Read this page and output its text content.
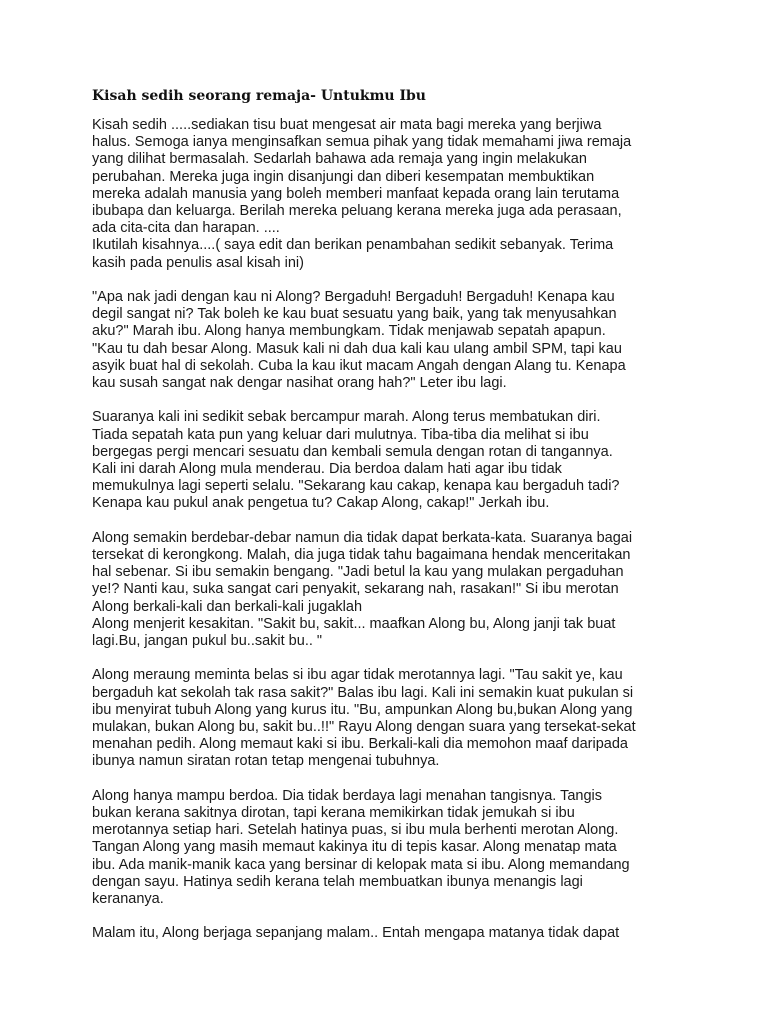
Kisah sedih seorang remaja- Untukmu Ibu

Kisah sedih .....sediakan tisu buat mengesat air mata bagi mereka yang berjiwa
halus. Semoga ianya menginsafkan semua pihak yang tidak memahami jiwa remaja
yang dilihat bermasalah. Sedarlah bahawa ada remaja yang ingin melakukan
perubahan. Mereka juga ingin disanjungi dan diberi kesempatan membuktikan
mereka adalah manusia yang boleh memberi manfaat kepada orang lain terutama
ibubapa dan keluarga. Berilah mereka peluang kerana mereka juga ada perasaan,
ada cita-cita dan harapan. ....
Ikutilah kisahnya....( saya edit dan berikan penambahan sedikit sebanyak. Terima
kasih pada penulis asal kisah ini)

"Apa nak jadi dengan kau ni Along? Bergaduh! Bergaduh! Bergaduh! Kenapa kau
degil sangat ni? Tak boleh ke kau buat sesuatu yang baik, yang tak menyusahkan
aku?" Marah ibu. Along hanya membungkam. Tidak menjawab sepatah apapun.
"Kau tu dah besar Along. Masuk kali ni dah dua kali kau ulang ambil SPM, tapi kau
asyik buat hal di sekolah. Cuba la kau ikut macam Angah dengan Alang tu. Kenapa
kau susah sangat nak dengar nasihat orang hah?" Leter ibu lagi.

Suaranya kali ini sedikit sebak bercampur marah. Along terus membatukan diri.
Tiada sepatah kata pun yang keluar dari mulutnya. Tiba-tiba dia melihat si ibu
bergegas pergi mencari sesuatu dan kembali semula dengan rotan di tangannya.
Kali ini darah Along mula menderau. Dia berdoa dalam hati agar ibu tidak
memukulnya lagi seperti selalu. "Sekarang kau cakap, kenapa kau bergaduh tadi?
Kenapa kau pukul anak pengetua tu? Cakap Along, cakap!" Jerkah ibu.

Along semakin berdebar-debar namun dia tidak dapat berkata-kata. Suaranya bagai
tersekat di kerongkong. Malah, dia juga tidak tahu bagaimana hendak menceritakan
hal sebenar. Si ibu semakin bengang. "Jadi betul la kau yang mulakan pergaduhan
ye!? Nanti kau, suka sangat cari penyakit, sekarang nah, rasakan!" Si ibu merotan
Along berkali-kali dan berkali-kali jugaklah
Along menjerit kesakitan. "Sakit bu, sakit... maafkan Along bu, Along janji tak buat
lagi.Bu, jangan pukul bu..sakit bu.. "

Along meraung meminta belas si ibu agar tidak merotannya lagi. "Tau sakit ye, kau
bergaduh kat sekolah tak rasa sakit?" Balas ibu lagi. Kali ini semakin kuat pukulan si
ibu menyirat tubuh Along yang kurus itu. "Bu, ampunkan Along bu,bukan Along yang
mulakan, bukan Along bu, sakit bu..!!" Rayu Along dengan suara yang tersekat-sekat
menahan pedih. Along memaut kaki si ibu. Berkali-kali dia memohon maaf daripada
ibunya namun siratan rotan tetap mengenai tubuhnya.

Along hanya mampu berdoa. Dia tidak berdaya lagi menahan tangisnya. Tangis
bukan kerana sakitnya dirotan, tapi kerana memikirkan tidak jemukah si ibu
merotannya setiap hari. Setelah hatinya puas, si ibu mula berhenti merotan Along.
Tangan Along yang masih memaut kakinya itu di tepis kasar. Along menatap mata
ibu. Ada manik-manik kaca yang bersinar di kelopak mata si ibu. Along memandang
dengan sayu. Hatinya sedih kerana telah membuatkan ibunya menangis lagi
kerananya.

Malam itu, Along berjaga sepanjang malam.. Entah mengapa matanya tidak dapat
